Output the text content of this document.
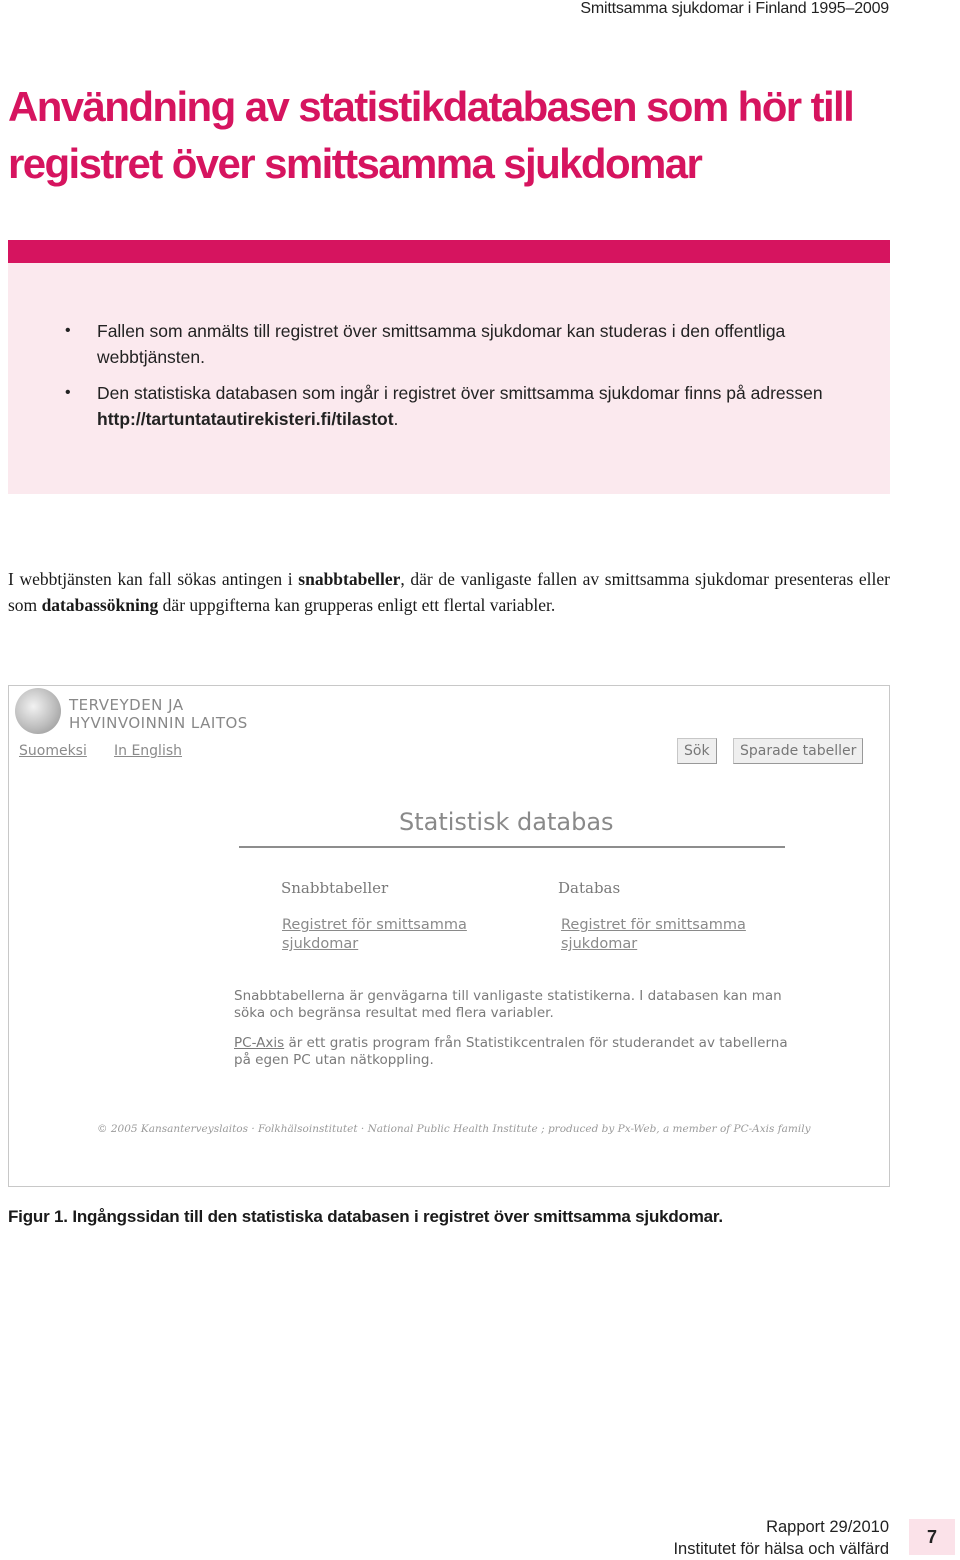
Smittsamma sjukdomar i Finland 1995–2009
Användning av statistikdatabasen som hör till registret över smittsamma sjukdomar
• Fallen som anmälts till registret över smittsamma sjukdomar kan studeras i den offentliga webbtjänsten.
• Den statistiska databasen som ingår i registret över smittsamma sjukdomar finns på adressen http://tartuntatautirekisteri.fi/tilastot.

I webbtjänsten kan fall sökas antingen i snabbtabeller, där de vanligaste fallen av smittsamma sjukdomar presenteras eller som databassökning där uppgifterna kan grupperas enligt ett flertal variabler.

TERVEYDEN JA
HYVINVOINNIN LAITOS
Suomeksi In English	Sök	Sparade tabeller
Statistisk databas
Snabbtabeller	Databas
Registret för smittsamma sjukdomar
Registret för smittsamma sjukdomar
Snabbtabellerna är genvägarna till vanligaste statistikerna. I databasen kan man söka och begränsa resultat med flera variabler.
PC-Axis är ett gratis program från Statistikcentralen för studerandet av tabellerna på egen PC utan nätkoppling.
© 2005 Kansanterveyslaitos · Folkhälsoinstitutet · National Public Health Institute ; produced by Px-Web, a member of PC-Axis family

Figur 1. Ingångssidan till den statistiska databasen i registret över smittsamma sjukdomar.

Rapport 29/2010
Institutet för hälsa och välfärd
7
